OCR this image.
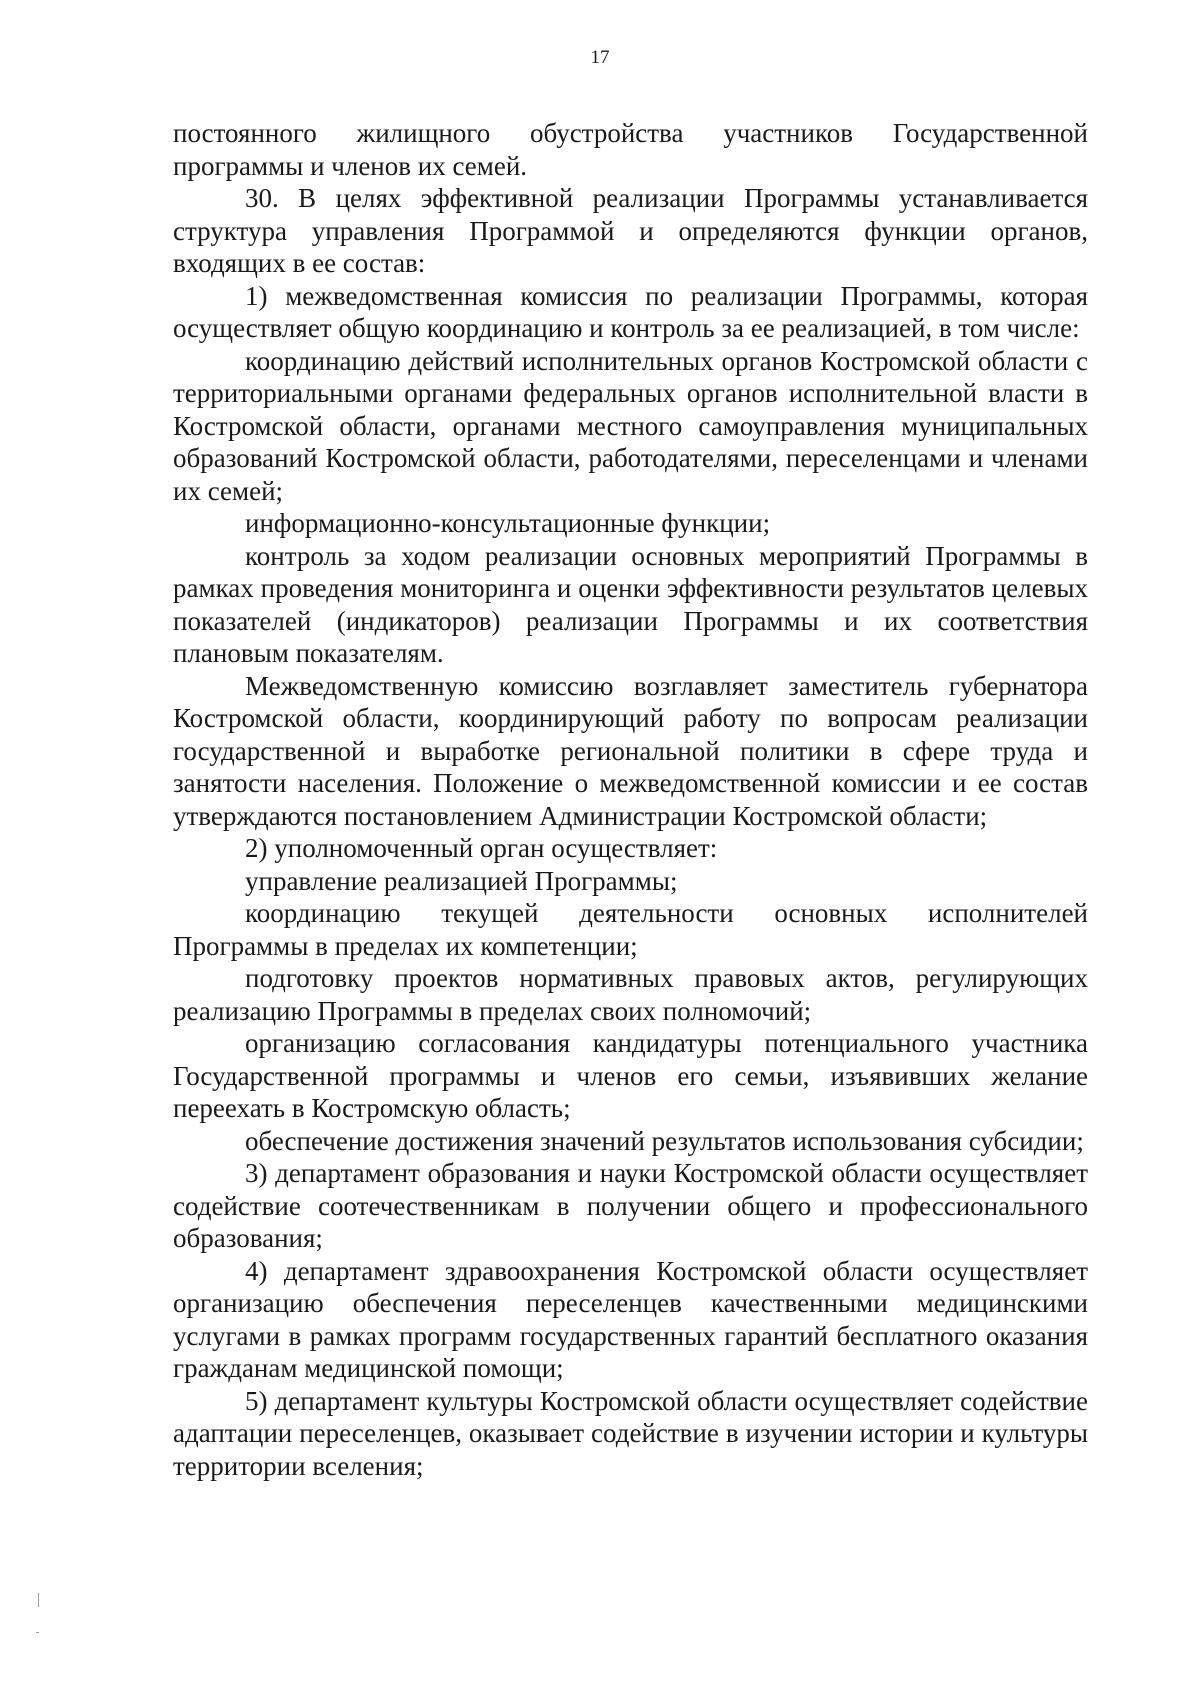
17

постоянного жилищного обустройства участников Государственной программы и членов их семей.

30. В целях эффективной реализации Программы устанавливается структура управления Программой и определяются функции органов, входящих в ее состав:

1) межведомственная комиссия по реализации Программы, которая осуществляет общую координацию и контроль за ее реализацией, в том числе:

координацию действий исполнительных органов Костромской области с территориальными органами федеральных органов исполнительной власти в Костромской области, органами местного самоуправления муниципальных образований Костромской области, работодателями, переселенцами и членами их семей;

информационно-консультационные функции;

контроль за ходом реализации основных мероприятий Программы в рамках проведения мониторинга и оценки эффективности результатов целевых показателей (индикаторов) реализации Программы и их соответствия плановым показателям.

Межведомственную комиссию возглавляет заместитель губернатора Костромской области, координирующий работу по вопросам реализации государственной и выработке региональной политики в сфере труда и занятости населения. Положение о межведомственной комиссии и ее состав утверждаются постановлением Администрации Костромской области;

2) уполномоченный орган осуществляет:

управление реализацией Программы;

координацию текущей деятельности основных исполнителей Программы в пределах их компетенции;

подготовку проектов нормативных правовых актов, регулирующих реализацию Программы в пределах своих полномочий;

организацию согласования кандидатуры потенциального участника Государственной программы и членов его семьи, изъявивших желание переехать в Костромскую область;

обеспечение достижения значений результатов использования субсидии;

3) департамент образования и науки Костромской области осуществляет содействие соотечественникам в получении общего и профессионального образования;

4) департамент здравоохранения Костромской области осуществляет организацию обеспечения переселенцев качественными медицинскими услугами в рамках программ государственных гарантий бесплатного оказания гражданам медицинской помощи;

5) департамент культуры Костромской области осуществляет содействие адаптации переселенцев, оказывает содействие в изучении истории и культуры территории вселения;
